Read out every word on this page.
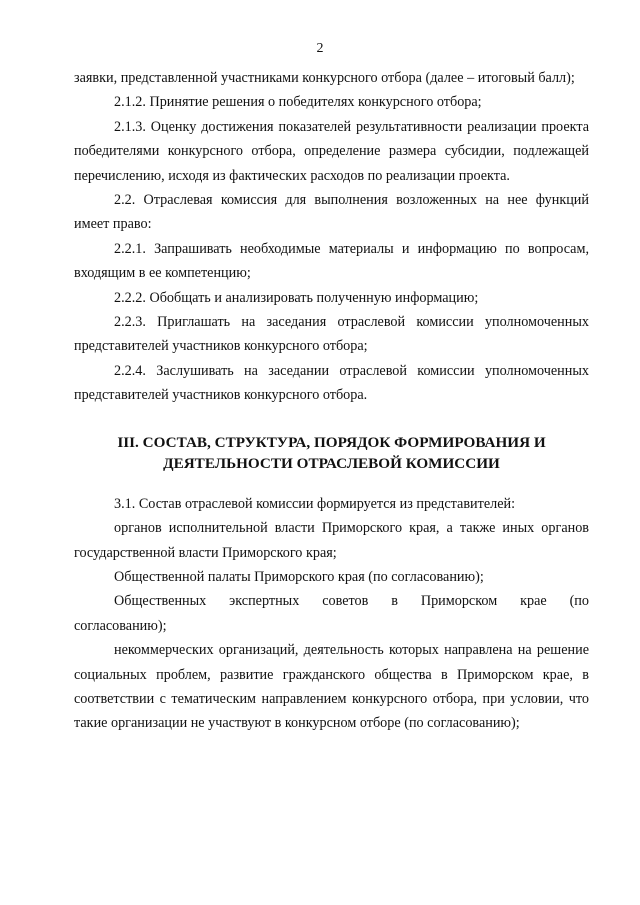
2

заявки, представленной участниками конкурсного отбора (далее – итоговый балл);

2.1.2. Принятие решения о победителях конкурсного отбора;

2.1.3. Оценку достижения показателей результативности реализации проекта победителями конкурсного отбора, определение размера субсидии, подлежащей перечислению, исходя из фактических расходов по реализации проекта.

2.2. Отраслевая комиссия для выполнения возложенных на нее функций имеет право:

2.2.1. Запрашивать необходимые материалы и информацию по вопросам, входящим в ее компетенцию;

2.2.2. Обобщать и анализировать полученную информацию;

2.2.3. Приглашать на заседания отраслевой комиссии уполномоченных представителей участников конкурсного отбора;

2.2.4. Заслушивать на заседании отраслевой комиссии уполномоченных представителей участников конкурсного отбора.

III. СОСТАВ, СТРУКТУРА, ПОРЯДОК ФОРМИРОВАНИЯ И
ДЕЯТЕЛЬНОСТИ ОТРАСЛЕВОЙ КОМИССИИ

3.1. Состав отраслевой комиссии формируется из представителей:

органов исполнительной власти Приморского края, а также иных органов государственной власти Приморского края;

Общественной палаты Приморского края (по согласованию);

Общественных экспертных советов в Приморском крае (по

согласованию);

некоммерческих организаций, деятельность которых направлена на решение социальных проблем, развитие гражданского общества в Приморском крае, в соответствии с тематическим направлением конкурсного отбора, при условии, что такие организации не участвуют в конкурсном отборе (по согласованию);
